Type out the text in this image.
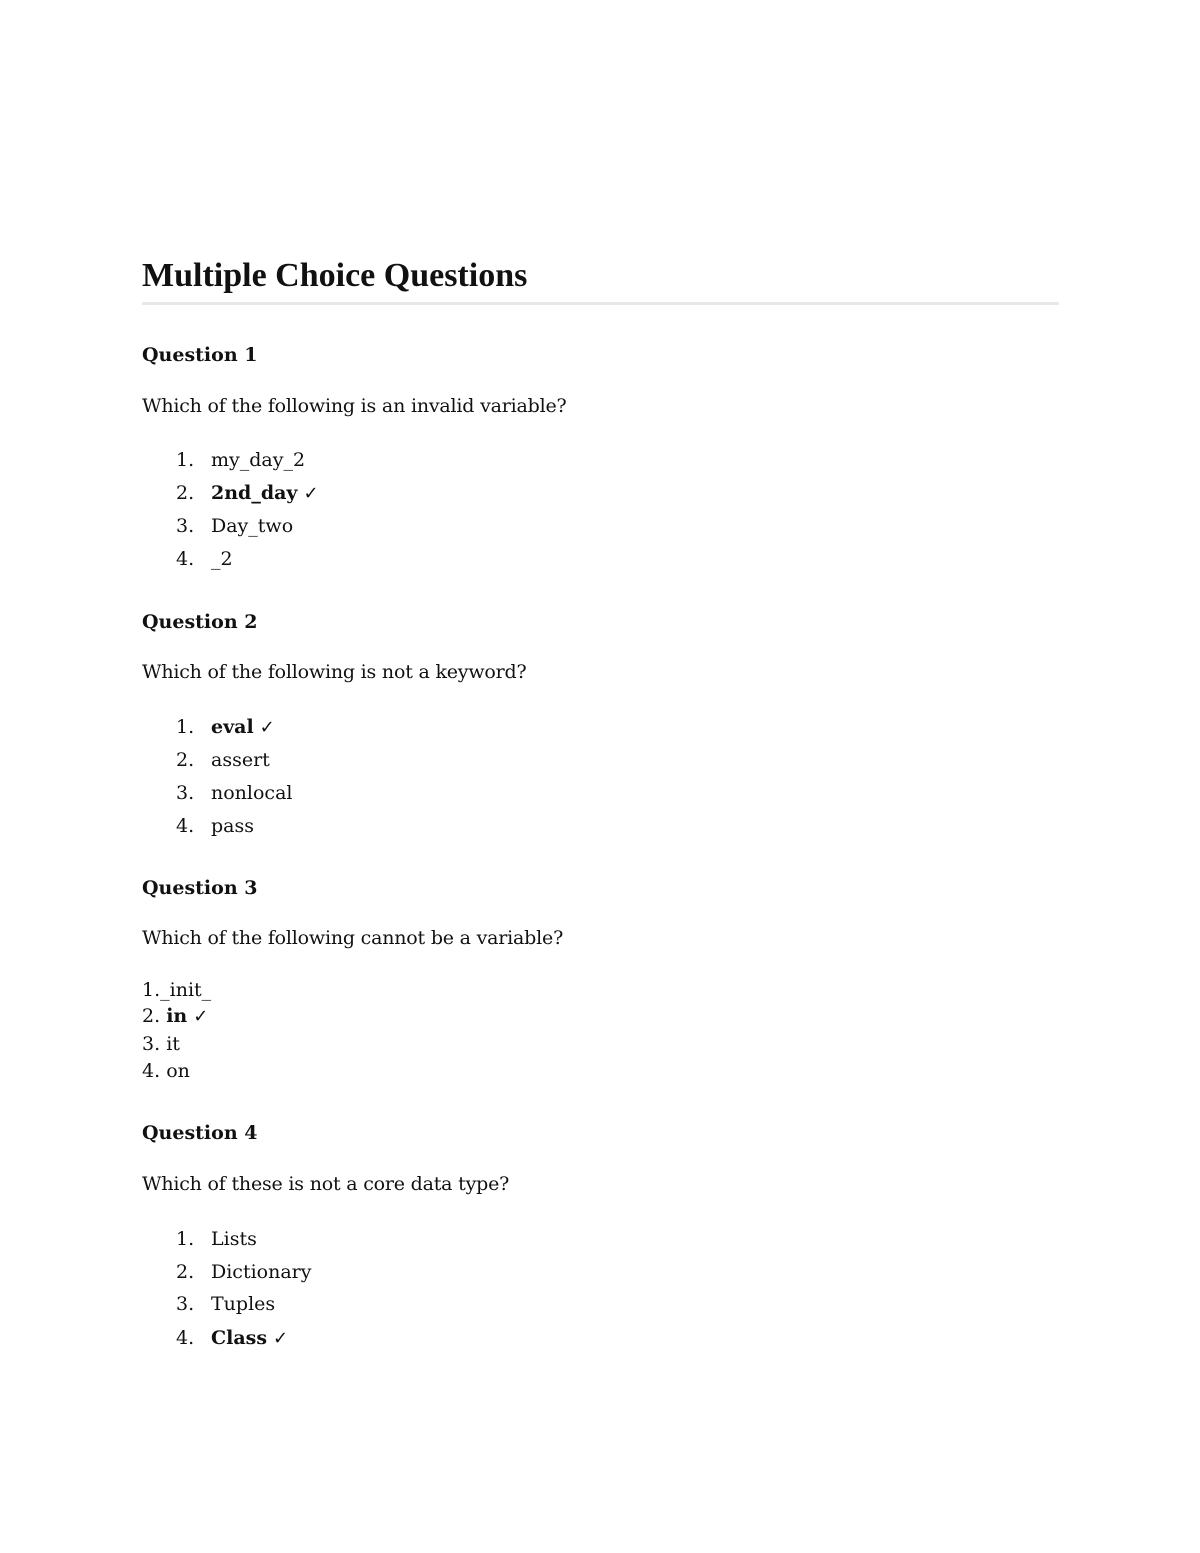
Multiple Choice Questions
Question 1

Which of the following is an invalid variable?

1. my_day_2
2. 2nd_day ✓
3. Day_two
4. _2
Question 2

Which of the following is not a keyword?

1. eval ✓
2. assert
3. nonlocal
4. pass
Question 3

Which of the following cannot be a variable?

1._init_
2. in ✓
3. it
4. on
Question 4

Which of these is not a core data type?

1. Lists
2. Dictionary
3. Tuples
4. Class ✓
